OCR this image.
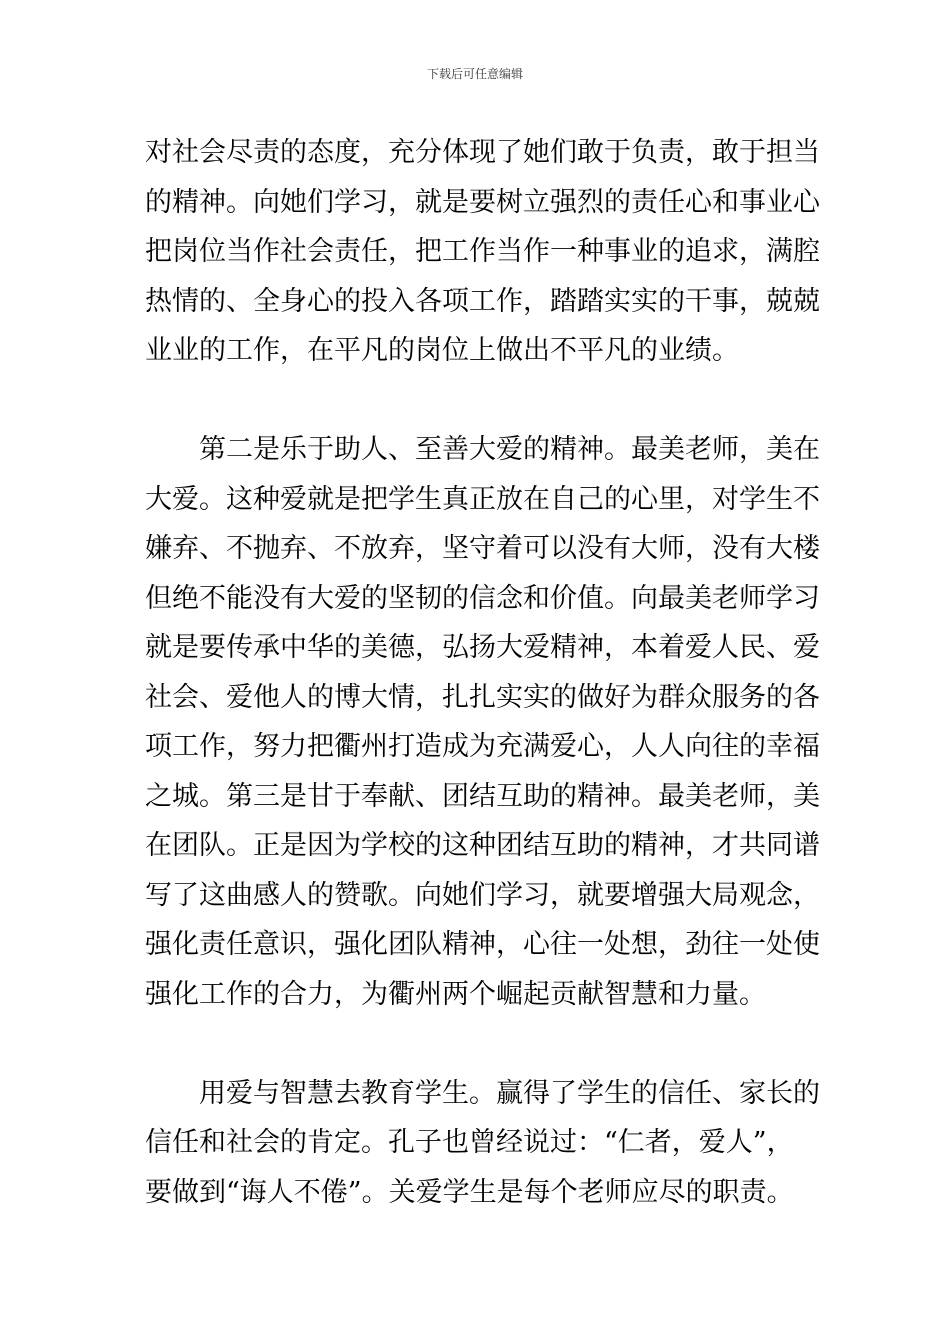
下载后可任意编辑
对社会尽责的态度，充分体现了她们敢于负责，敢于担当
的精神。向她们学习，就是要树立强烈的责任心和事业心
把岗位当作社会责任，把工作当作一种事业的追求，满腔
热情的、全身心的投入各项工作，踏踏实实的干事，兢兢
业业的工作，在平凡的岗位上做出不平凡的业绩。
第二是乐于助人、至善大爱的精神。最美老师，美在
大爱。这种爱就是把学生真正放在自己的心里，对学生不
嫌弃、不抛弃、不放弃，坚守着可以没有大师，没有大楼
但绝不能没有大爱的坚韧的信念和价值。向最美老师学习
就是要传承中华的美德，弘扬大爱精神，本着爱人民、爱
社会、爱他人的博大情，扎扎实实的做好为群众服务的各
项工作，努力把衢州打造成为充满爱心，人人向往的幸福
之城。第三是甘于奉献、团结互助的精神。最美老师，美
在团队。正是因为学校的这种团结互助的精神，才共同谱
写了这曲感人的赞歌。向她们学习，就要增强大局观念，
强化责任意识，强化团队精神，心往一处想，劲往一处使
强化工作的合力，为衢州两个崛起贡献智慧和力量。
用爱与智慧去教育学生。赢得了学生的信任、家长的
信任和社会的肯定。孔子也曾经说过：“仁者，爱人”，
要做到“诲人不倦”。关爱学生是每个老师应尽的职责。
